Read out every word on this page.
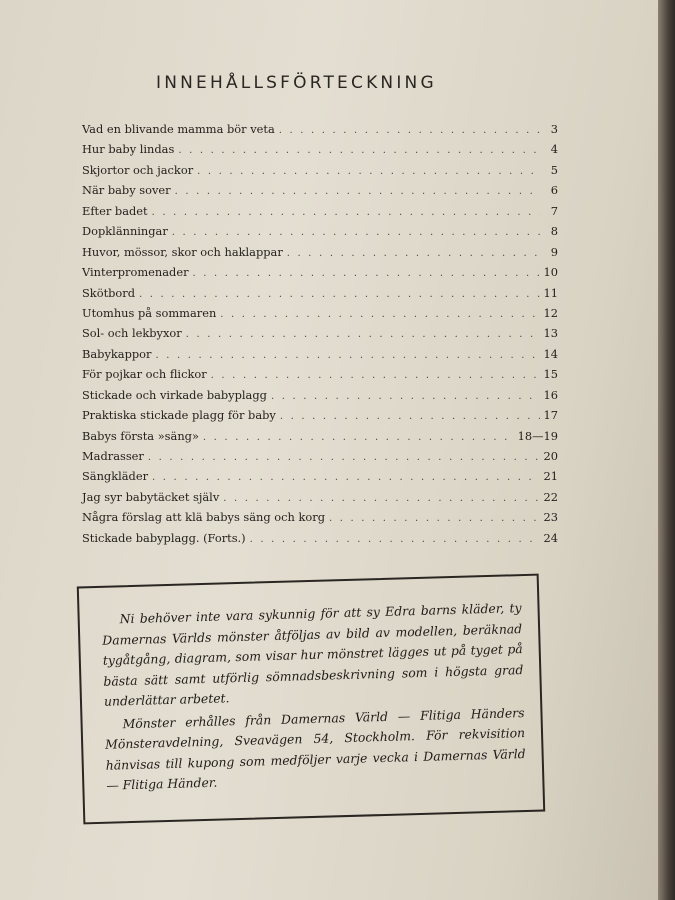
INNEHÅLLSFÖRTECKNING
Vad en blivande mamma bör veta . . .	3
Hur baby lindas . . .	4
Skjortor och jackor . . .	5
När baby sover . . .	6
Efter badet . . .	7
Dopklänningar . . .	8
Huvor, mössor, skor och haklappar . . .	9
Vinterpromenader . . .	10
Skötbord . . .	11
Utomhus på sommaren . . .	12
Sol- och lekbyxor . . .	13
Babykappor . . .	14
För pojkar och flickor . . .	15
Stickade och virkade babyplagg . . .	16
Praktiska stickade plagg för baby . . .	17
Babys första »säng» . . .	18—19
Madrasser . . .	20
Sängkläder . . .	21
Jag syr babytäcket själv . . .	22
Några förslag att klä babys säng och korg . . .	23
Stickade babyplagg. (Forts.) . . .	24

Ni behöver inte vara sykunnig för att sy Edra barns kläder, ty Damernas Världs mönster åtföljas av bild av modellen, beräknad tygåtgång, diagram, som visar hur mönstret lägges ut på tyget på bästa sätt samt utförlig sömnadsbeskrivning som i högsta grad underlättar arbetet.

Mönster erhålles från Damernas Värld — Flitiga Händers Mönsteravdelning, Sveavägen 54, Stockholm. För rekvisition hänvisas till kupong som medföljer varje vecka i Damernas Värld — Flitiga Händer.
